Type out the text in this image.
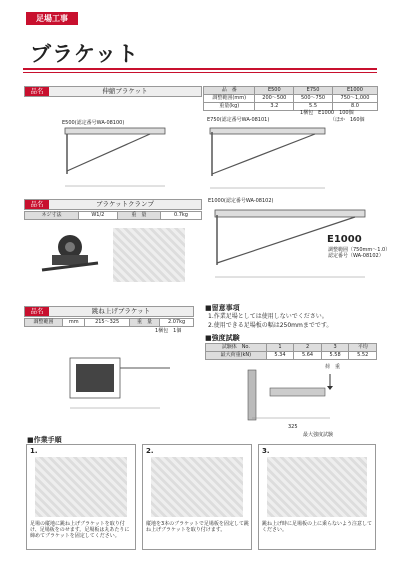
足場工事
ブラケット
品名	伸縮ブラケット	品　番	E500	E750	E1000
調整範囲(mm)	200〜500	500〜750	750〜1,000
重量(kg)	3.2	5.5	8.0
1梱包　E1000　100個
（ほか　160個
E500(認定番号WA-08100)	E750(認定番号WA-08101)
品名	ブラケットクランプ
ネジ寸法	W1/2	重　量	0.7kg
E1000(認定番号WA-08102)
E1000
調整範囲（750mm〜1.0）
認定番号（WA-08102）
品名	跳ね上げブラケット
調整範囲	mm	215〜325	重　量	2.07kg
1梱包　1個
■留意事項
1.作業足場としては使用しないでください。
2.使用できる足場板の幅は250mmまでです。
■強度試験
試験体　No.	1	2	3	平均
最大荷重(kN)	5.34	5.64	5.58	5.52
荷　重
325
最大強度試験
■作業手順
1.
足場の縦地に跳ね上げブラケットを取り付け、足場板をのせます。足場板は丸あたりに締めてブラケットを固定してください。
2.
縦地を3本のブラケットで足場板を固定して跳ね上げブラケットを取り付けます。
3.
跳ね上げ時に足場板の上に乗らないよう注意してください。
